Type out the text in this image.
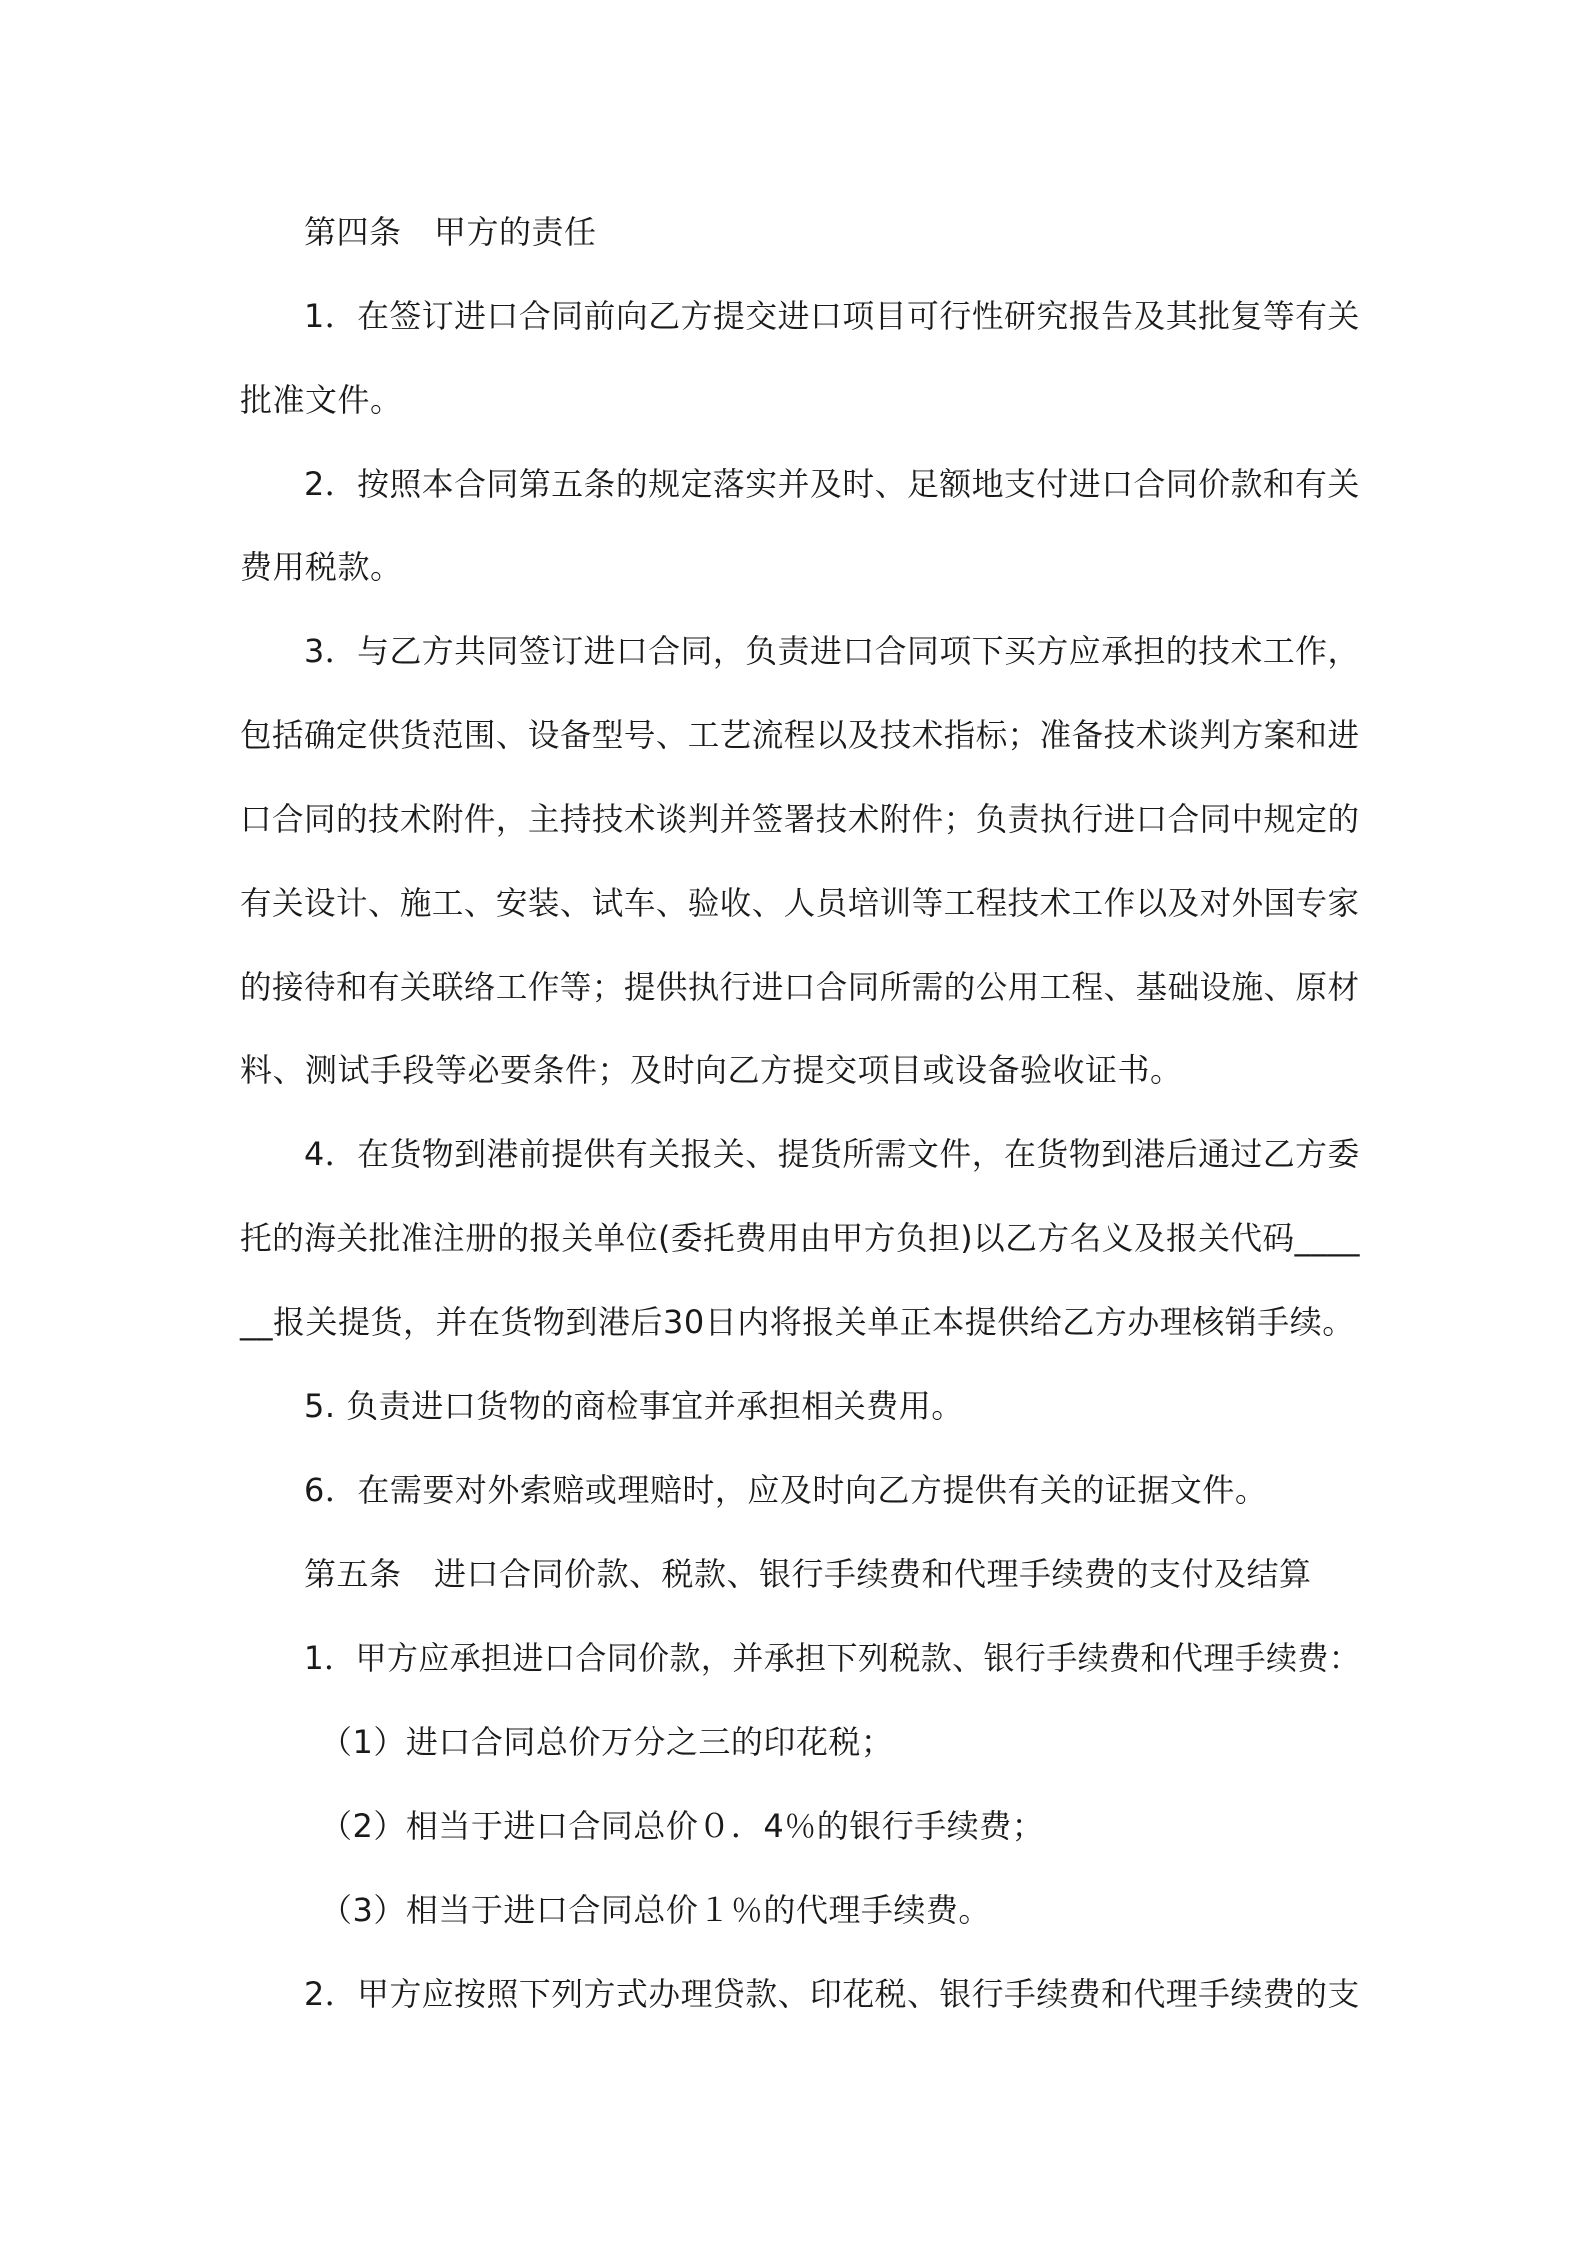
第四条　甲方的责任
1．在签订进口合同前向乙方提交进口项目可行性研究报告及其批复等有关
批准文件。
2．按照本合同第五条的规定落实并及时、足额地支付进口合同价款和有关
费用税款。
3．与乙方共同签订进口合同，负责进口合同项下买方应承担的技术工作，
包括确定供货范围、设备型号、工艺流程以及技术指标；准备技术谈判方案和进
口合同的技术附件，主持技术谈判并签署技术附件；负责执行进口合同中规定的
有关设计、施工、安装、试车、验收、人员培训等工程技术工作以及对外国专家
的接待和有关联络工作等；提供执行进口合同所需的公用工程、基础设施、原材
料、测试手段等必要条件；及时向乙方提交项目或设备验收证书。
4．在货物到港前提供有关报关、提货所需文件，在货物到港后通过乙方委
托的海关批准注册的报关单位(委托费用由甲方负担)以乙方名义及报关代码____
__报关提货，并在货物到港后30日内将报关单正本提供给乙方办理核销手续。
5. 负责进口货物的商检事宜并承担相关费用。
6．在需要对外索赔或理赔时，应及时向乙方提供有关的证据文件。
第五条　进口合同价款、税款、银行手续费和代理手续费的支付及结算
1．甲方应承担进口合同价款，并承担下列税款、银行手续费和代理手续费：
（1）进口合同总价万分之三的印花税；
（2）相当于进口合同总价０．4％的银行手续费；
（3）相当于进口合同总价１％的代理手续费。
2．甲方应按照下列方式办理贷款、印花税、银行手续费和代理手续费的支
